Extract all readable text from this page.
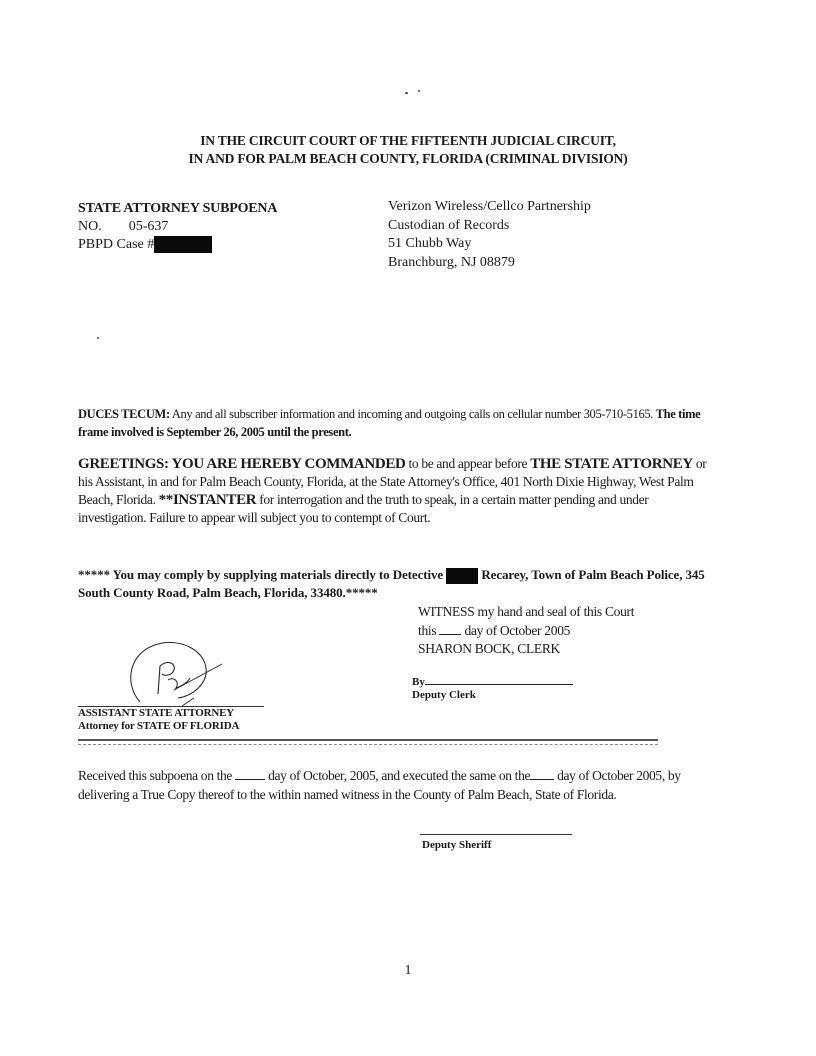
IN THE CIRCUIT COURT OF THE FIFTEENTH JUDICIAL CIRCUIT,
IN AND FOR PALM BEACH COUNTY, FLORIDA (CRIMINAL DIVISION)
STATE ATTORNEY SUBPOENA
NO. 05-637
PBPD Case #
Verizon Wireless/Cellco Partnership
Custodian of Records
51 Chubb Way
Branchburg, NJ 08879
DUCES TECUM: Any and all subscriber information and incoming and outgoing calls on cellular number 305-710-5165. The time frame involved is September 26, 2005 until the present.
GREETINGS: YOU ARE HEREBY COMMANDED to be and appear before THE STATE ATTORNEY or his Assistant, in and for Palm Beach County, Florida, at the State Attorney's Office, 401 North Dixie Highway, West Palm Beach, Florida. **INSTANTER for interrogation and the truth to speak, in a certain matter pending and under investigation. Failure to appear will subject you to contempt of Court.
***** You may comply by supplying materials directly to Detective  Recarey, Town of Palm Beach Police, 345 South County Road, Palm Beach, Florida, 33480.*****
WITNESS my hand and seal of this Court
this  day of October 2005
SHARON BOCK, CLERK
By
Deputy Clerk
ASSISTANT STATE ATTORNEY
Attorney for STATE OF FLORIDA
Received this subpoena on the  day of October, 2005, and executed the same on the day of October 2005, by delivering a True Copy thereof to the within named witness in the County of Palm Beach, State of Florida.
Deputy Sheriff
1
